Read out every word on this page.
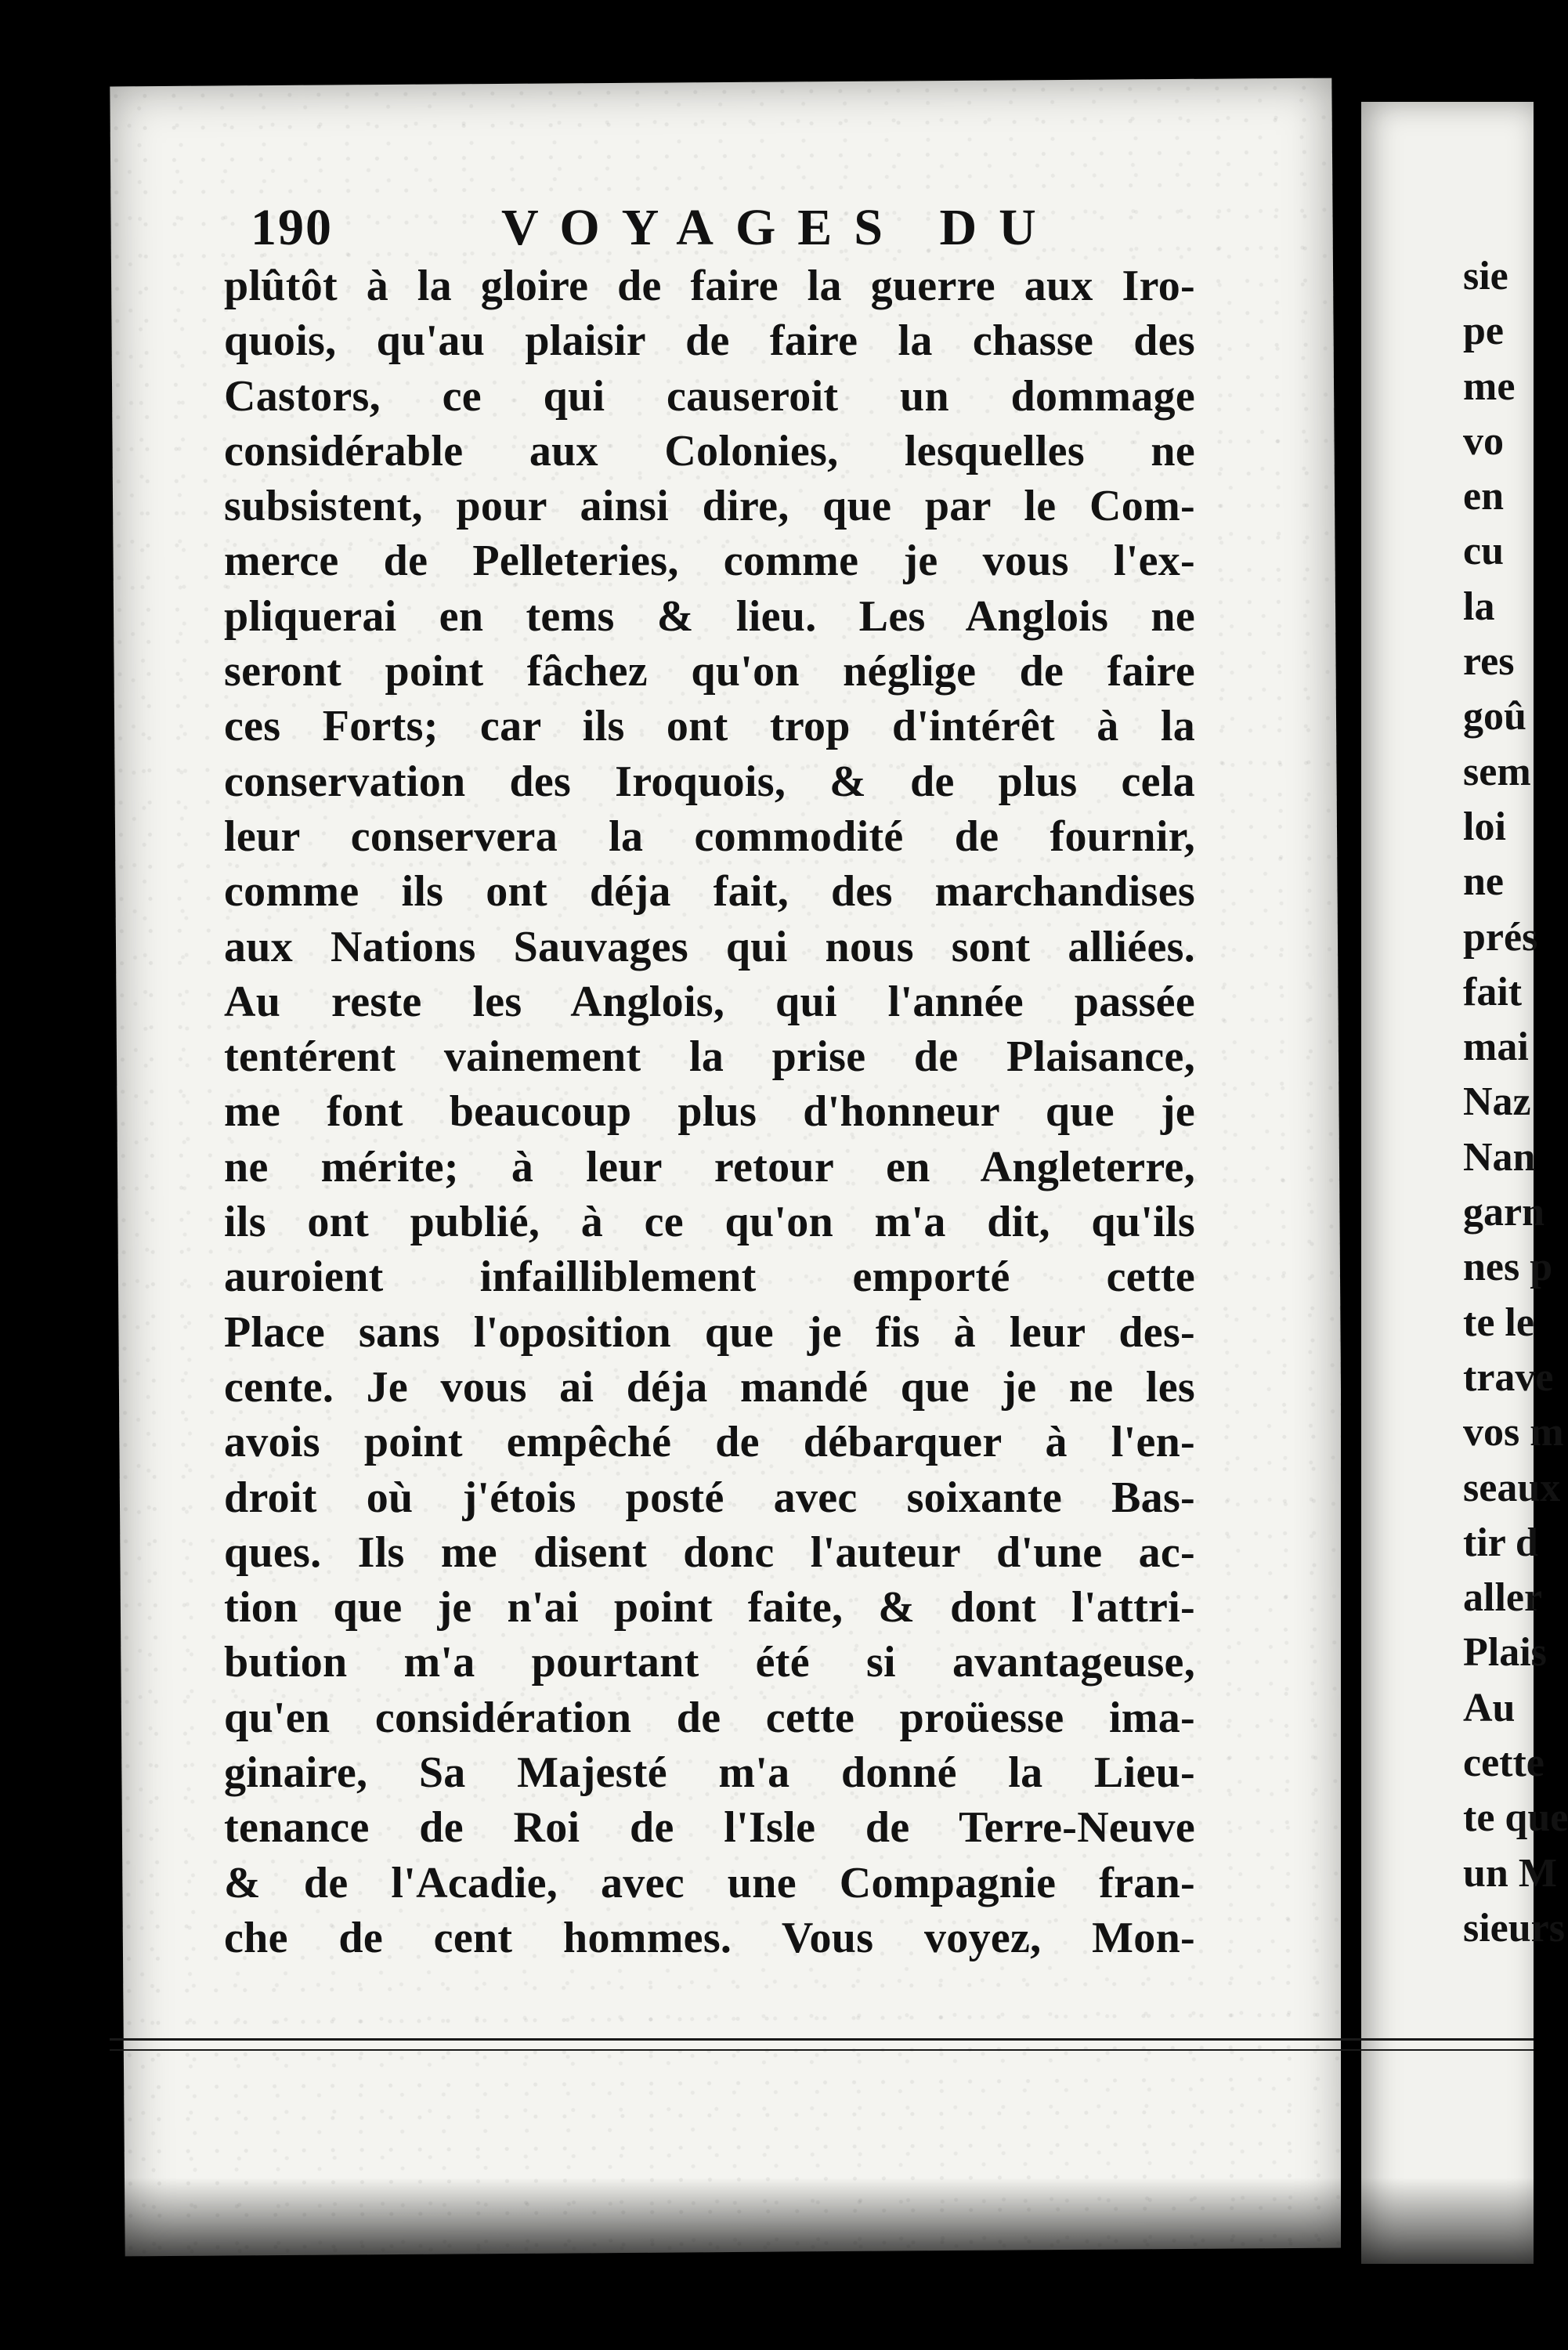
190	VOYAGES DU
plûtôt à la gloire de faire la guerre aux Iro-
quois, qu'au plaisir de faire la chasse des
Castors, ce qui causeroit un dommage
considérable aux Colonies, lesquelles ne
subsistent, pour ainsi dire, que par le Com-
merce de Pelleteries, comme je vous l'ex-
pliquerai en tems & lieu. Les Anglois ne
seront point fâchez qu'on néglige de faire
ces Forts; car ils ont trop d'intérêt à la
conservation des Iroquois, & de plus cela
leur conservera la commodité de fournir,
comme ils ont déja fait, des marchandises
aux Nations Sauvages qui nous sont alliées.
Au reste les Anglois, qui l'année passée
tentérent vainement la prise de Plaisance,
me font beaucoup plus d'honneur que je
ne mérite; à leur retour en Angleterre,
ils ont publié, à ce qu'on m'a dit, qu'ils
auroient infailliblement emporté cette
Place sans l'oposition que je fis à leur des-
cente. Je vous ai déja mandé que je ne les
avois point empêché de débarquer à l'en-
droit où j'étois posté avec soixante Bas-
ques. Ils me disent donc l'auteur d'une ac-
tion que je n'ai point faite, & dont l'attri-
bution m'a pourtant été si avantageuse,
qu'en considération de cette proüesse ima-
ginaire, Sa Majesté m'a donné la Lieu-
tenance de Roi de l'Isle de Terre-Neuve
& de l'Acadie, avec une Compagnie fran-
che de cent hommes. Vous voyez, Mon-
sie
pe
me
vo
en
cu
la
res
goû
sem
loi
ne
prés
fait
mai
Naz
Nan
garn
nes p
te le
trave
vos m
seaux
tir d
aller
Plais
Au
cette
te que
un M
sieurs
